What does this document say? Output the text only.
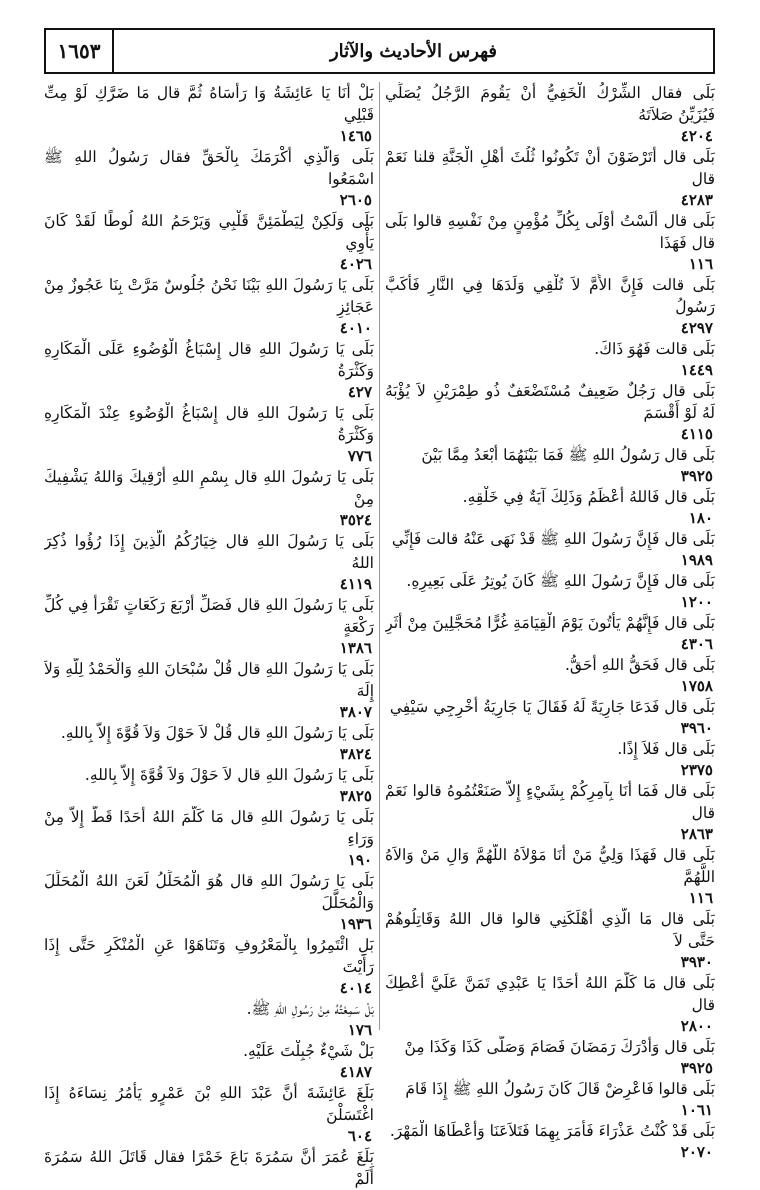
١٦٥٣	فهرس الأحاديث والآثار
بَلَى فقال الشِّرْكُ الْخَفِيُّ أَنْ يَقُومَ الرَّجُلُ يُصَلِّي فَيُزَيِّنُ صَلاَتَهُ
٤٢٠٤
بَلَى قال أَتَرْضَوْنَ أَنْ تَكُونُوا ثُلُثَ أَهْلِ الْجَنَّةِ قلنا نَعَمْ قال
٤٢٨٣
بَلَى قال أَلَسْتُ أَوْلَى بِكُلِّ مُؤْمِنٍ مِنْ نَفْسِهِ قالوا بَلَى قال فَهَذَا
١١٦
بَلَى قالت فَإِنَّ الأُمَّ لاَ تُلْقِي وَلَدَهَا فِي النَّارِ فَأَكَبَّ رَسُولُ
٤٢٩٧
بَلَى قالت فَهُوَ ذَاكَ.
١٤٤٩
بَلَى قال رَجُلٌ ضَعِيفٌ مُسْتَضْعَفٌ ذُو طِمْرَيْنِ لاَ يُؤْبَهُ لَهُ لَوْ أَقْسَمَ
٤١١٥
بَلَى قال رَسُولُ اللهِ ﷺ فَمَا بَيْنَهُمَا أَبْعَدُ مِمَّا بَيْنَ
٣٩٢٥
بَلَى قال فَاللهُ أَعْظَمُ وَذَلِكَ آيَةٌ فِي خَلْقِهِ.
١٨٠
بَلَى قال فَإِنَّ رَسُولَ اللهِ ﷺ قَدْ نَهَى عَنْهُ قالت فَإِنِّي
١٩٨٩
بَلَى قال فَإِنَّ رَسُولَ اللهِ ﷺ كَانَ يُوتِرُ عَلَى بَعِيرِهِ.
١٢٠٠
بَلَى قال فَإِنَّهُمْ يَأْتُونَ يَوْمَ الْقِيَامَةِ غُرًّا مُحَجَّلِينَ مِنْ أَثَرِ
٤٣٠٦
بَلَى قال فَحَقُّ اللهِ أَحَقُّ.
١٧٥٨
بَلَى قال فَدَعَا جَارِيَةً لَهُ فَقَالَ يَا جَارِيَةُ أَخْرِجِي سَيْفِي
٣٩٦٠
بَلَى قال فَلاَ إِذًا.
٢٣٧٥
بَلَى قال فَمَا أَنَا بِآمِرِكُمْ بِشَيْءٍ إِلاَّ صَنَعْتُمُوهُ قالوا نَعَمْ قال
٢٨٦٣
بَلَى قال فَهَذَا وَلِيُّ مَنْ أَنَا مَوْلاَهُ اللَّهُمَّ وَالِ مَنْ وَالاَهُ اللَّهُمَّ
١١٦
بَلَى قال مَا الَّذِي أَهْلَكَنِي قالوا قال اللهُ وَقَاتِلُوهُمْ حَتَّى لاَ
٣٩٣٠
بَلَى قال مَا كَلَّمَ اللهُ أَحَدًا يَا عَبْدِي تَمَنَّ عَلَيَّ أُعْطِكَ قال
٢٨٠٠
بَلَى قال وَأَدْرَكَ رَمَضَانَ فَصَامَ وَصَلَّى كَذَا وَكَذَا مِنْ
٣٩٢٥
بَلَى قالوا فَاعْرِضْ قَالَ كَانَ رَسُولُ اللهِ ﷺ إِذَا قَامَ
١٠٦١
بَلَى قَدْ كُنْتُ عَذْرَاءَ فَأَمَرَ بِهِمَا فَتَلاَعَنَا وَأَعْطَاهَا الْمَهْرَ.
٢٠٧٠
بَلْ أَنَا يَا عَائِشَةُ وَا رَأْسَاهُ ثُمَّ قال مَا ضَرَّكِ لَوْ مِتِّ قَبْلِي
١٤٦٥
بَلَى وَالَّذِي أَكْرَمَكَ بِالْحَقِّ فقال رَسُولُ اللهِ ﷺ اسْمَعُوا
٢٦٠٥
بَلَى وَلَكِنْ لِيَطْمَئِنَّ قَلْبِي وَيَرْحَمُ اللهُ لُوطًا لَقَدْ كَانَ يَأْوِي
٤٠٢٦
بَلَى يَا رَسُولَ اللهِ بَيْنَا نَحْنُ جُلُوسٌ مَرَّتْ بِنَا عَجُوزٌ مِنْ عَجَائِزِ
٤٠١٠
بَلَى يَا رَسُولَ اللهِ قال إِسْبَاغُ الْوُضُوءِ عَلَى الْمَكَارِهِ وَكَثْرَةُ
٤٢٧
بَلَى يَا رَسُولَ اللهِ قال إِسْبَاغُ الْوُضُوءِ عِنْدَ الْمَكَارِهِ وَكَثْرَةُ
٧٧٦
بَلَى يَا رَسُولَ اللهِ قال بِسْمِ اللهِ أَرْقِيكَ وَاللهُ يَشْفِيكَ مِنْ
٣٥٢٤
بَلَى يَا رَسُولَ اللهِ قال خِيَارُكُمُ الَّذِينَ إِذَا رُؤُوا ذُكِرَ اللهُ
٤١١٩
بَلَى يَا رَسُولَ اللهِ قال فَصَلِّ أَرْبَعَ رَكَعَاتٍ تَقْرَأُ فِي كُلِّ رَكْعَةٍ
١٣٨٦
بَلَى يَا رَسُولَ اللهِ قال قُلْ سُبْحَانَ اللهِ وَالْحَمْدُ لِلَّهِ وَلاَ إِلَهَ
٣٨٠٧
بَلَى يَا رَسُولَ اللهِ قال قُلْ لاَ حَوْلَ وَلاَ قُوَّةَ إِلاَّ بِاللهِ.
٣٨٢٤
بَلَى يَا رَسُولَ اللهِ قال لاَ حَوْلَ وَلاَ قُوَّةَ إِلاَّ بِاللهِ.
٣٨٢٥
بَلَى يَا رَسُولَ اللهِ قال مَا كَلَّمَ اللهُ أَحَدًا قَطُّ إِلاَّ مِنْ وَرَاءِ
١٩٠
بَلَى يَا رَسُولَ اللهِ قال هُوَ الْمُحَلِّلُ لَعَنَ اللهُ الْمُحَلِّلَ وَالْمُحَلَّلَ
١٩٣٦
بَلِ ائْتَمِرُوا بِالْمَعْرُوفِ وَتَنَاهَوْا عَنِ الْمُنْكَرِ حَتَّى إِذَا رَأَيْتَ
٤٠١٤
بَلْ سَمِعْتُهُ مِنْ رَسُولِ اللهِ ﷺ.
١٧٦
بَلْ شَيْءٌ جُبِلْتَ عَلَيْهِ.
٤١٨٧
بَلَغَ عَائِشَةَ أَنَّ عَبْدَ اللهِ بْنَ عَمْرٍو يَأْمُرُ نِسَاءَهُ إِذَا اغْتَسَلْنَ
٦٠٤
بَلَغَ عُمَرَ أَنَّ سَمُرَةَ بَاعَ خَمْرًا فقال قَاتَلَ اللهُ سَمُرَةَ أَلَمْ
